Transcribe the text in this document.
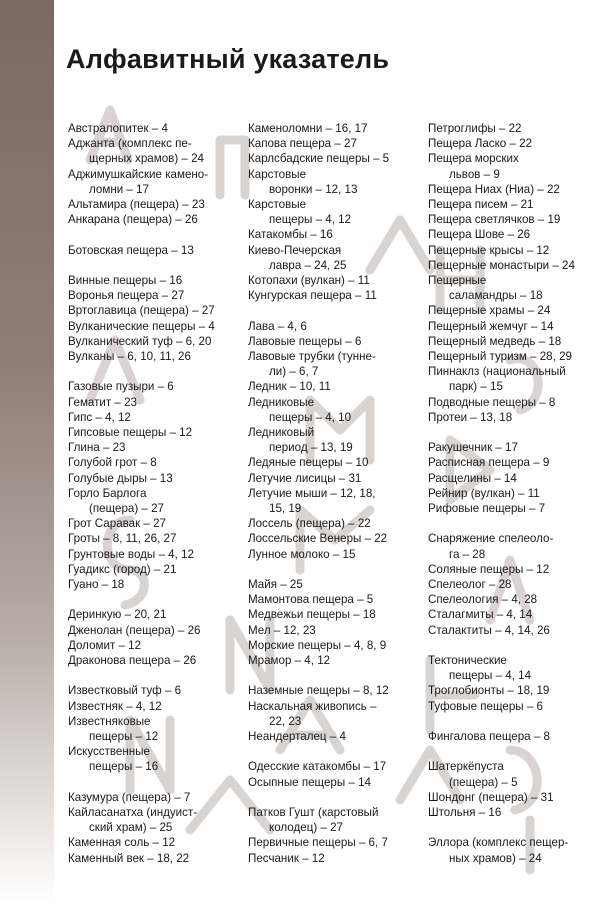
Алфавитный указатель
Австралопитек – 4
Аджанта (комплекс пе-
щерных храмов) – 24
Аджимушкайские камено-
ломни – 17
Альтамира (пещера) – 23
Анкарана (пещера) – 26
Ботовская пещера – 13
Винные пещеры – 16
Воронья пещера – 27
Вртоглавица (пещера) – 27
Вулканические пещеры – 4
Вулканический туф – 6, 20
Вулканы – 6, 10, 11, 26
Газовые пузыри – 6
Гематит – 23
Гипс – 4, 12
Гипсовые пещеры – 12
Глина – 23
Голубой грот – 8
Голубые дыры – 13
Горло Барлога
(пещера) – 27
Грот Саравак – 27
Гроты – 8, 11, 26, 27
Грунтовые воды – 4, 12
Гуадикс (город) – 21
Гуано – 18
Деринкую – 20, 21
Дженолан (пещера) – 26
Доломит – 12
Драконова пещера – 26
Известковый туф – 6
Известняк – 4, 12
Известняковые
пещеры – 12
Искусственные
пещеры – 16
Казумура (пещера) – 7
Кайласанатха (индуист-
ский храм) – 25
Каменная соль – 12
Каменный век – 18, 22
Каменоломни – 16, 17
Капова пещера – 27
Карлсбадские пещеры – 5
Карстовые
воронки – 12, 13
Карстовые
пещеры – 4, 12
Катакомбы – 16
Киево-Печерская
лавра – 24, 25
Котопахи (вулкан) – 11
Кунгурская пещера – 11
Лава – 4, 6
Лавовые пещеры – 6
Лавовые трубки (тунне-
ли) – 6, 7
Ледник – 10, 11
Ледниковые
пещеры – 4, 10
Ледниковый
период – 13, 19
Ледяные пещеры – 10
Летучие лисицы – 31
Летучие мыши – 12, 18,
15, 19
Лоссель (пещера) – 22
Лоссельские Венеры – 22
Лунное молоко – 15
Майя – 25
Мамонтова пещера – 5
Медвежьи пещеры – 18
Мел – 12, 23
Морские пещеры – 4, 8, 9
Мрамор – 4, 12
Наземные пещеры – 8, 12
Наскальная живопись –
22, 23
Неандерталец – 4
Одесские катакомбы – 17
Осыпные пещеры – 14
Патков Гушт (карстовый
колодец) – 27
Первичные пещеры – 6, 7
Песчаник – 12
Петроглифы – 22
Пещера Ласко – 22
Пещера морских
львов – 9
Пещера Ниах (Ниа) – 22
Пещера писем – 21
Пещера светлячков – 19
Пещера Шове – 26
Пещерные крысы – 12
Пещерные монастыри – 24
Пещерные
саламандры – 18
Пещерные храмы – 24
Пещерный жемчуг – 14
Пещерный медведь – 18
Пещерный туризм – 28, 29
Пиннаклз (национальный
парк) – 15
Подводные пещеры – 8
Протеи – 13, 18
Ракушечник – 17
Расписная пещера – 9
Расщелины – 14
Рейнир (вулкан) – 11
Рифовые пещеры – 7
Снаряжение спелеоло-
га – 28
Соляные пещеры – 12
Спелеолог – 28
Спелеология – 4, 28
Сталагмиты – 4, 14
Сталактиты – 4, 14, 26
Тектонические
пещеры – 4, 14
Троглобионты – 18, 19
Туфовые пещеры – 6
Фингалова пещера – 8
Шатеркёпуста
(пещера) – 5
Шондонг (пещера) – 31
Штольня – 16
Эллора (комплекс пещер-
ных храмов) – 24
